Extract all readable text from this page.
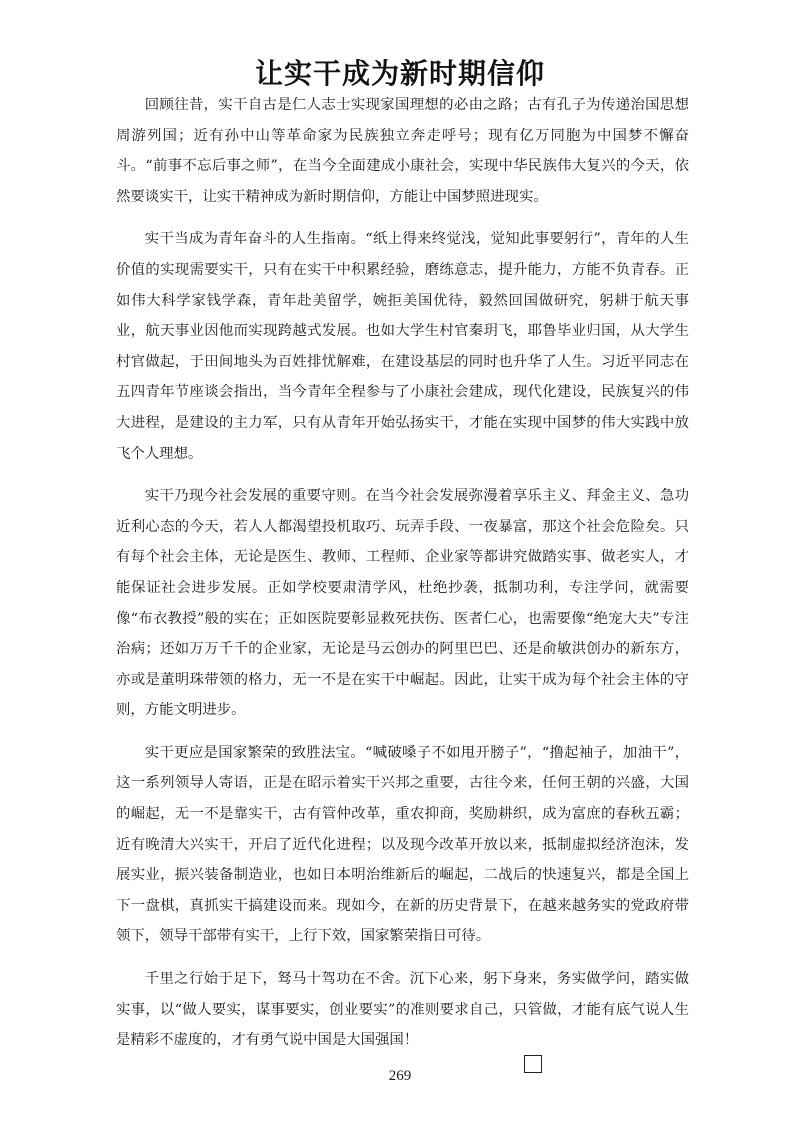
让实干成为新时期信仰

回顾往昔，实干自古是仁人志士实现家国理想的必由之路；古有孔子为传递治国思想周游列国；近有孙中山等革命家为民族独立奔走呼号；现有亿万同胞为中国梦不懈奋斗。“前事不忘后事之师”，在当今全面建成小康社会，实现中华民族伟大复兴的今天，依然要谈实干，让实干精神成为新时期信仰，方能让中国梦照进现实。

实干当成为青年奋斗的人生指南。“纸上得来终觉浅，觉知此事要躬行”，青年的人生价值的实现需要实干，只有在实干中积累经验，磨练意志，提升能力，方能不负青春。正如伟大科学家钱学森，青年赴美留学，婉拒美国优待，毅然回国做研究，躬耕于航天事业，航天事业因他而实现跨越式发展。也如大学生村官秦玥飞，耶鲁毕业归国，从大学生村官做起，于田间地头为百姓排忧解难，在建设基层的同时也升华了人生。习近平同志在五四青年节座谈会指出，当今青年全程参与了小康社会建成，现代化建设，民族复兴的伟大进程，是建设的主力军，只有从青年开始弘扬实干，才能在实现中国梦的伟大实践中放飞个人理想。

实干乃现今社会发展的重要守则。在当今社会发展弥漫着享乐主义、拜金主义、急功近利心态的今天，若人人都渴望投机取巧、玩弄手段、一夜暴富，那这个社会危险矣。只有每个社会主体，无论是医生、教师、工程师、企业家等都讲究做踏实事、做老实人，才能保证社会进步发展。正如学校要肃清学风，杜绝抄袭，抵制功利，专注学问，就需要像“布衣教授”般的实在；正如医院要彰显救死扶伤、医者仁心，也需要像“绝宠大夫”专注治病；还如万万千千的企业家，无论是马云创办的阿里巴巴、还是俞敏洪创办的新东方，亦或是董明珠带领的格力，无一不是在实干中崛起。因此，让实干成为每个社会主体的守则，方能文明进步。

实干更应是国家繁荣的致胜法宝。“喊破嗓子不如甩开膀子”，“撸起袖子，加油干”，这一系列领导人寄语，正是在昭示着实干兴邦之重要，古往今来，任何王朝的兴盛，大国的崛起，无一不是靠实干，古有管仲改革，重农抑商，奖励耕织，成为富庶的春秋五霸；近有晚清大兴实干，开启了近代化进程；以及现今改革开放以来，抵制虚拟经济泡沫，发展实业，振兴装备制造业，也如日本明治维新后的崛起，二战后的快速复兴，都是全国上下一盘棋，真抓实干搞建设而来。现如今，在新的历史背景下，在越来越务实的党政府带领下，领导干部带有实干，上行下效，国家繁荣指日可待。

千里之行始于足下，驽马十驾功在不舍。沉下心来，躬下身来，务实做学问，踏实做实事，以“做人要实，谋事要实，创业要实”的准则要求自己，只管做，才能有底气说人生是精彩不虚度的，才有勇气说中国是大国强国！

269
